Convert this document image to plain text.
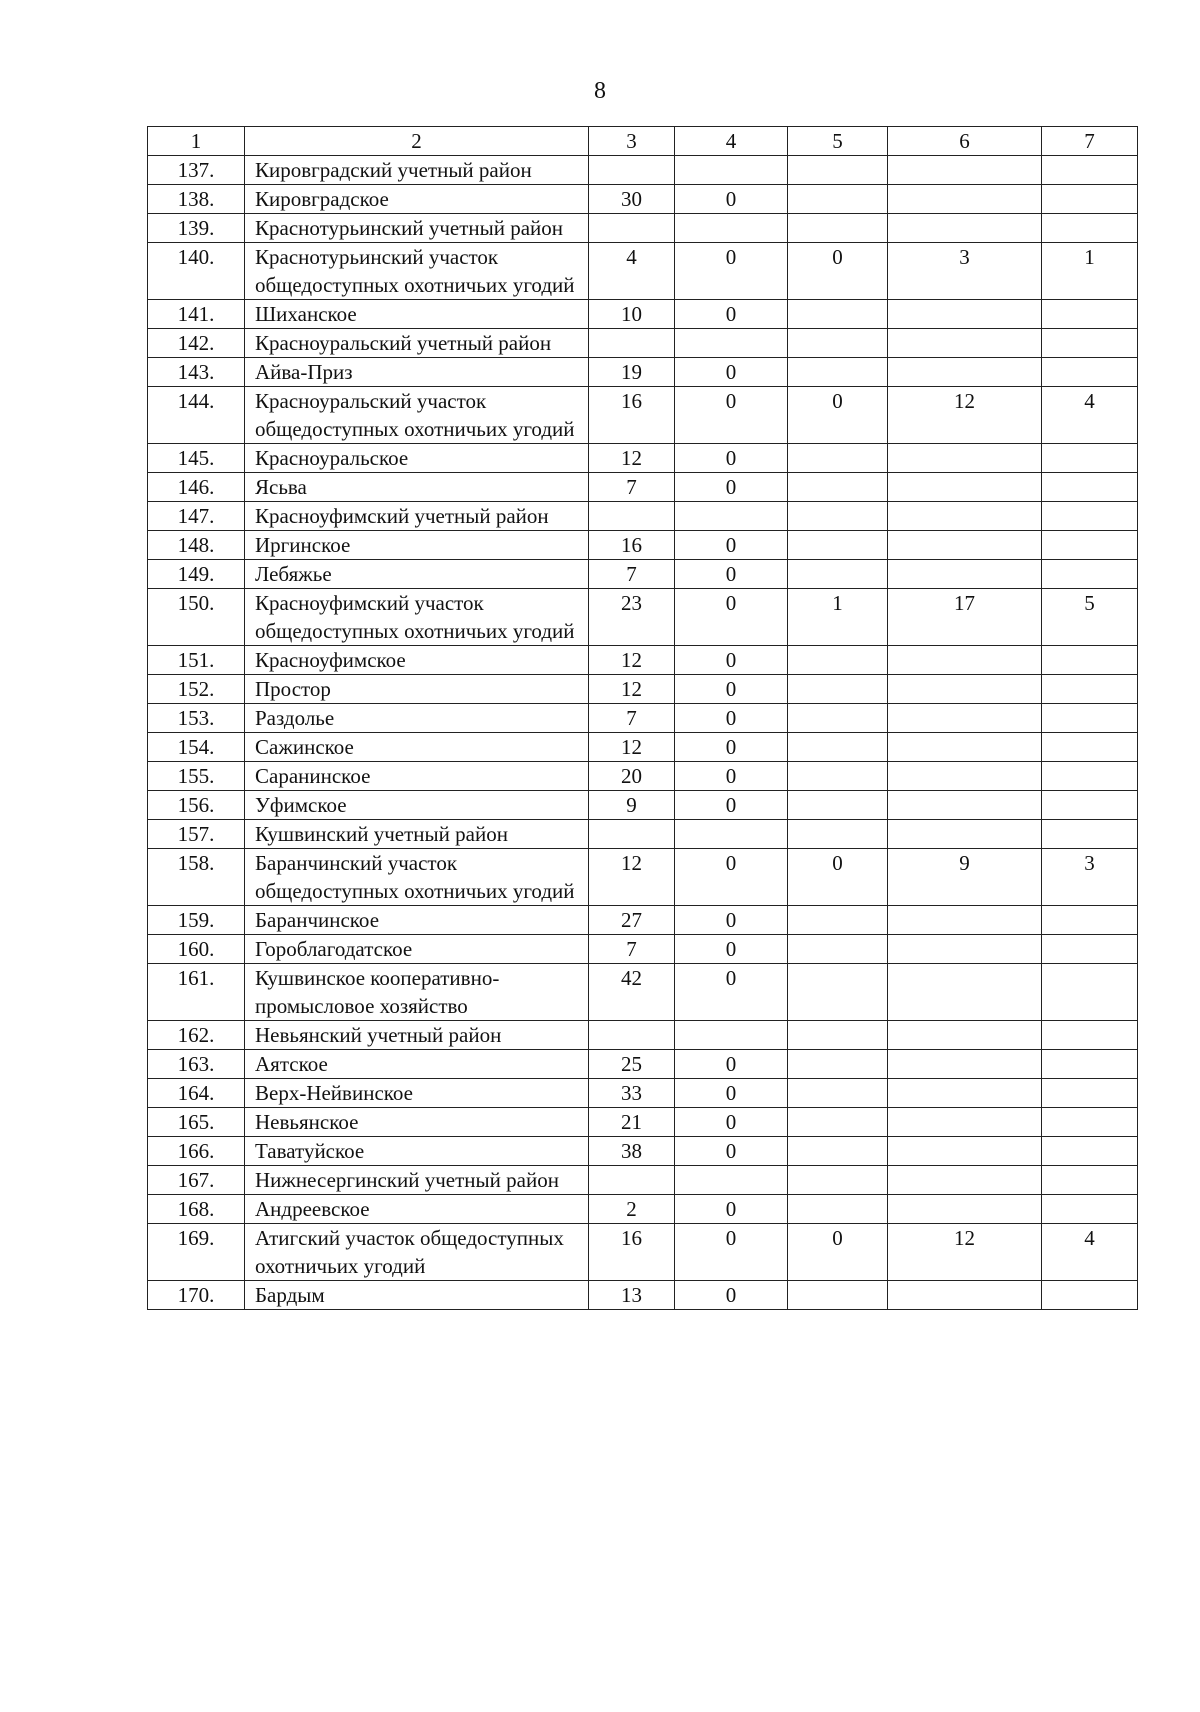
8
1	2	3	4	5	6	7
137.	Кировградский учетный район					
138.	Кировградское	30	0			
139.	Краснотурьинский учетный район					
140.	Краснотурьинский участок общедоступных охотничьих угодий	4	0	0	3	1
141.	Шиханское	10	0			
142.	Красноуральский учетный район					
143.	Айва-Приз	19	0			
144.	Красноуральский участок общедоступных охотничьих угодий	16	0	0	12	4
145.	Красноуральское	12	0			
146.	Ясьва	7	0			
147.	Красноуфимский учетный район					
148.	Иргинское	16	0			
149.	Лебяжье	7	0			
150.	Красноуфимский участок общедоступных охотничьих угодий	23	0	1	17	5
151.	Красноуфимское	12	0			
152.	Простор	12	0			
153.	Раздолье	7	0			
154.	Сажинское	12	0			
155.	Саранинское	20	0			
156.	Уфимское	9	0			
157.	Кушвинский учетный район					
158.	Баранчинский участок общедоступных охотничьих угодий	12	0	0	9	3
159.	Баранчинское	27	0			
160.	Гороблагодатское	7	0			
161.	Кушвинское кооперативно-промысловое хозяйство	42	0			
162.	Невьянский учетный район					
163.	Аятское	25	0			
164.	Верх-Нейвинское	33	0			
165.	Невьянское	21	0			
166.	Таватуйское	38	0			
167.	Нижнесергинский учетный район					
168.	Андреевское	2	0			
169.	Атигский участок общедоступных охотничьих угодий	16	0	0	12	4
170.	Бардым	13	0			
